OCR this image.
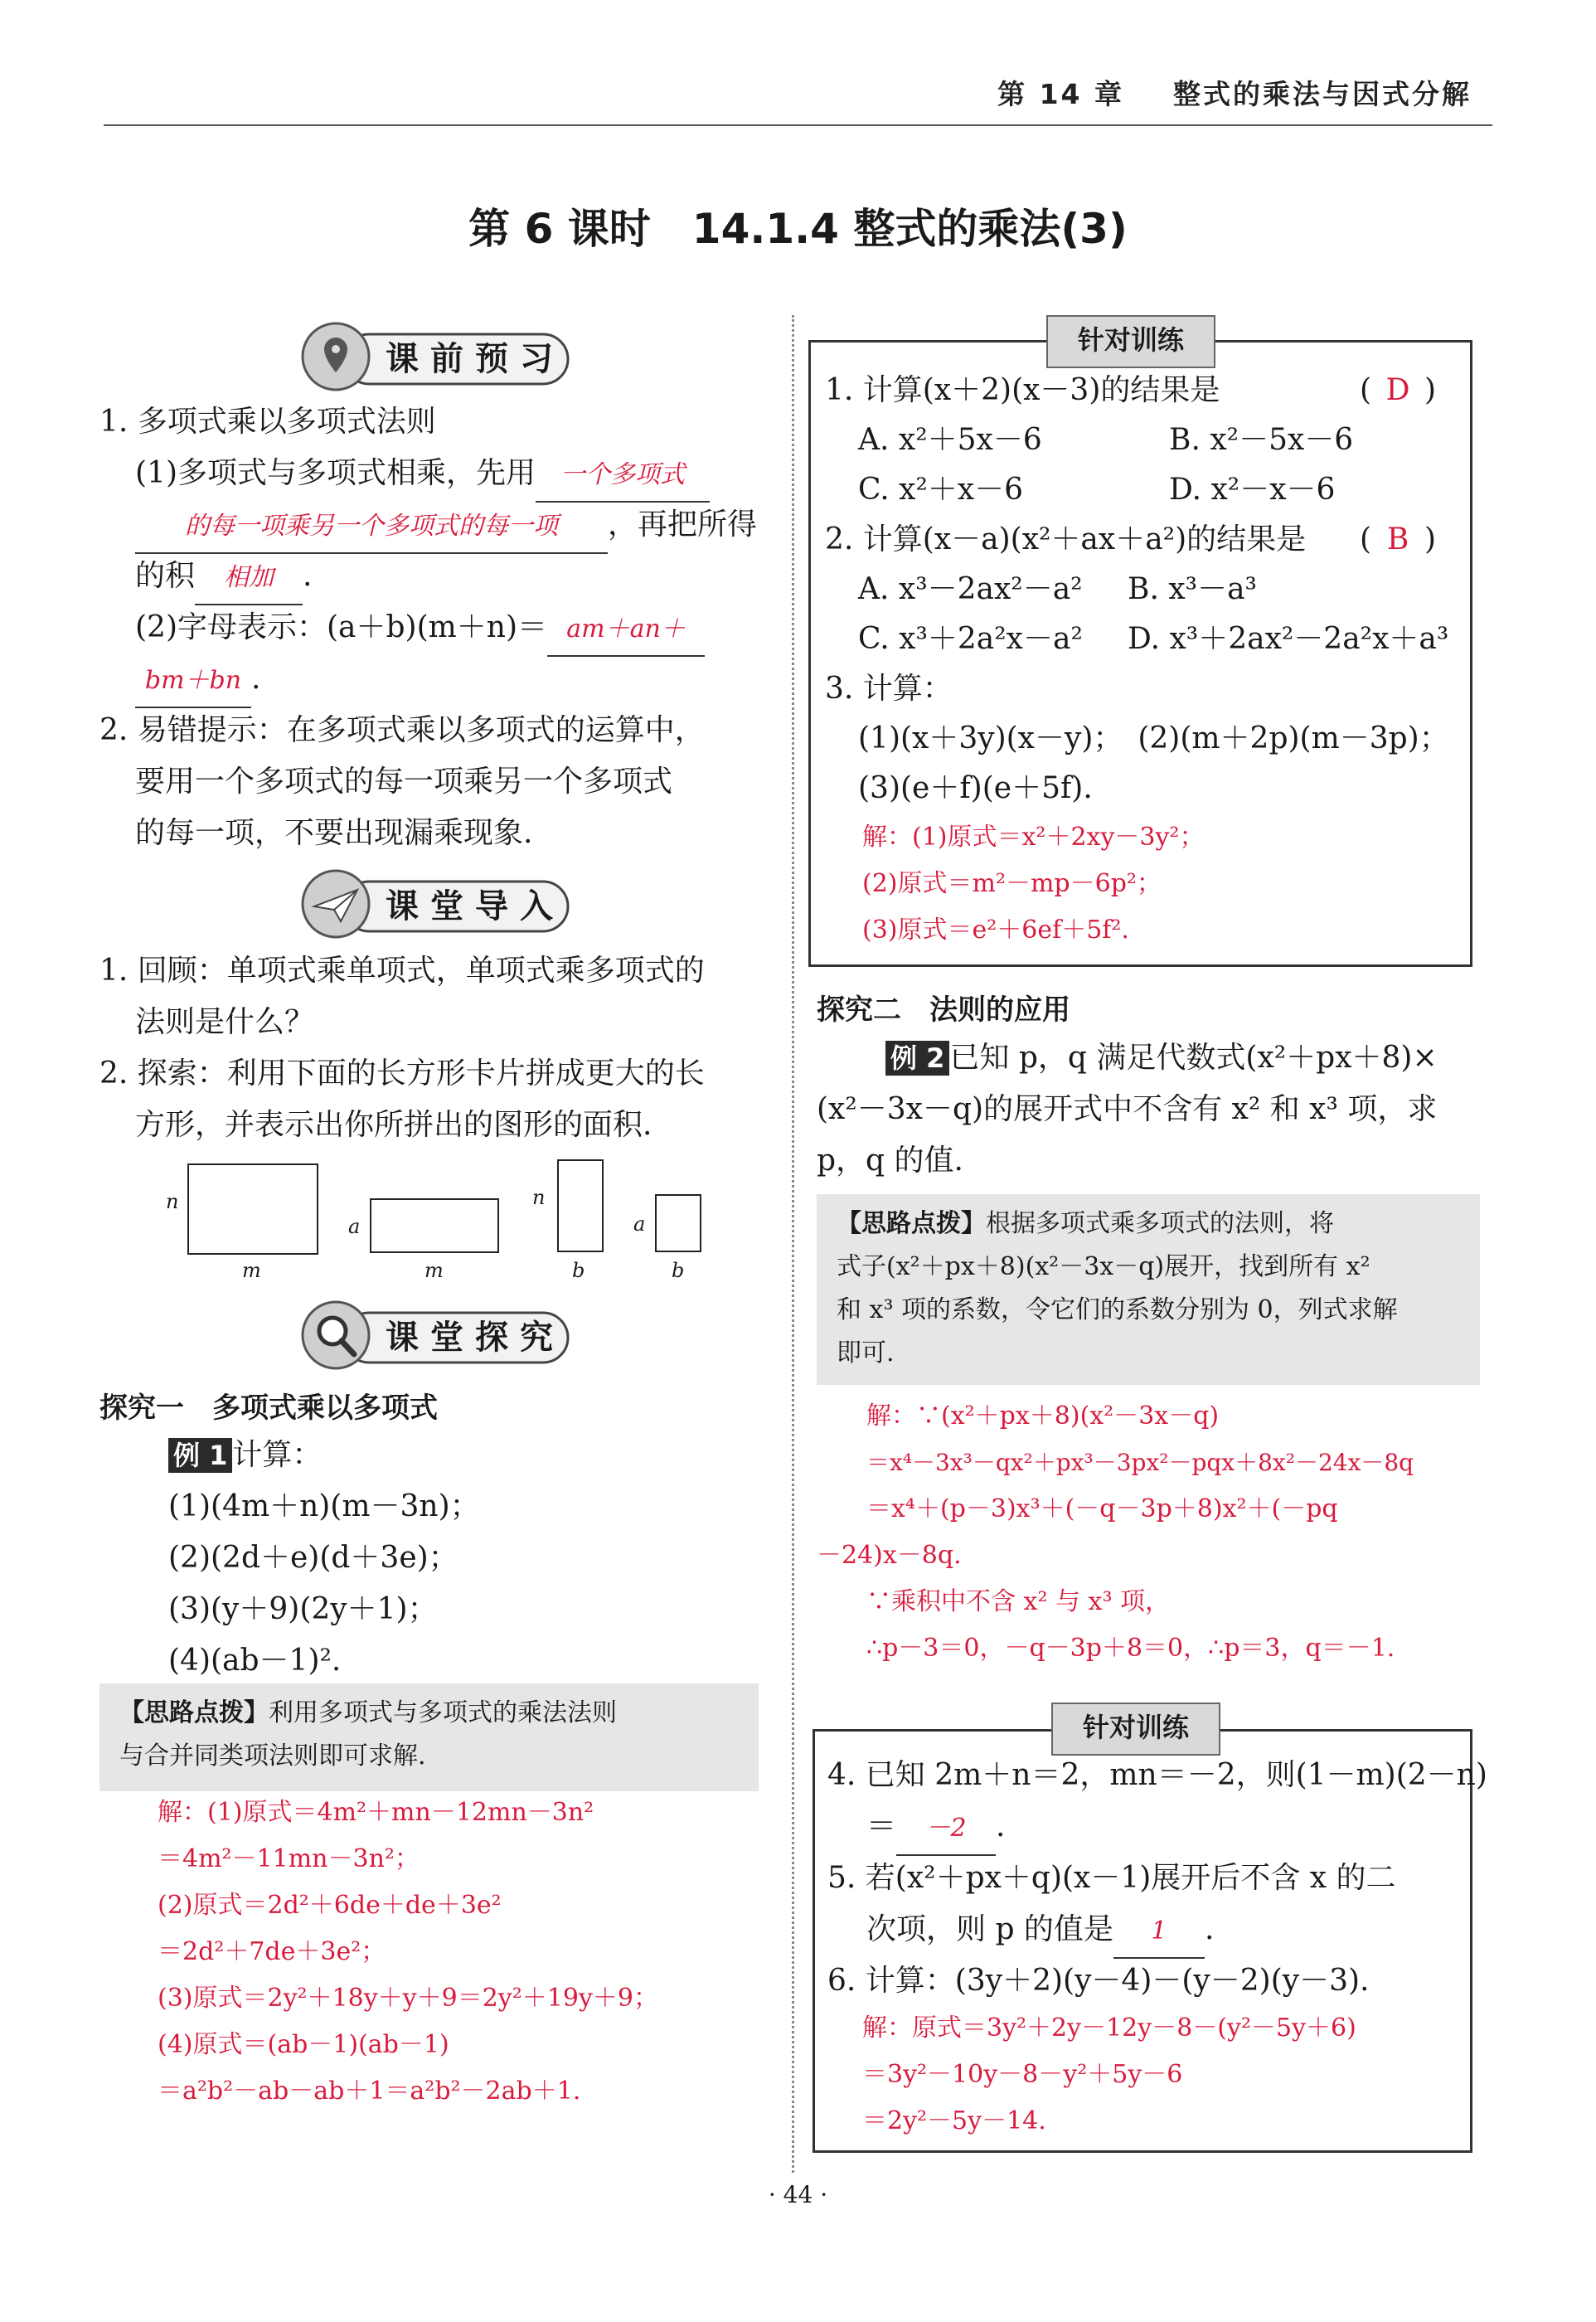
第 14 章 整式的乘法与因式分解
第 6 课时　14.1.4 整式的乘法(3)
课前预习
1. 多项式乘以多项式法则
(1)多项式与多项式相乘，先用 一个多项式
的每一项乘另一个多项式的每一项 ，再把所得
的积 相加 .
(2)字母表示：(a＋b)(m＋n)＝ am＋an＋
bm＋bn .
2. 易错提示：在多项式乘以多项式的运算中，
要用一个多项式的每一项乘另一个多项式
的每一项，不要出现漏乘现象.
课堂导入
1. 回顾：单项式乘单项式，单项式乘多项式的
法则是什么？
2. 探索：利用下面的长方形卡片拼成更大的长
方形，并表示出你所拼出的图形的面积.
n
m
a
m
n
b
a
b
课堂探究
探究一　多项式乘以多项式
例 1 计算：
(1)(4m＋n)(m－3n)；
(2)(2d＋e)(d＋3e)；
(3)(y＋9)(2y＋1)；
(4)(ab－1)².
【思路点拨】利用多项式与多项式的乘法法则
与合并同类项法则即可求解.
解：(1)原式＝4m²＋mn－12mn－3n²
＝4m²－11mn－3n²；
(2)原式＝2d²＋6de＋de＋3e²
＝2d²＋7de＋3e²；
(3)原式＝2y²＋18y＋y＋9＝2y²＋19y＋9；
(4)原式＝(ab－1)(ab－1)
＝a²b²－ab－ab＋1＝a²b²－2ab＋1.
针对训练
1. 计算(x＋2)(x－3)的结果是	( D )
A. x²＋5x－6	B. x²－5x－6
C. x²＋x－6	D. x²－x－6
2. 计算(x－a)(x²＋ax＋a²)的结果是 ( B )
A. x³－2ax²－a² B. x³－a³
C. x³＋2a²x－a² D. x³＋2ax²－2a²x＋a³
3. 计算：
(1)(x＋3y)(x－y)；　(2)(m＋2p)(m－3p)；
(3)(e＋f)(e＋5f).
解：(1)原式＝x²＋2xy－3y²；
(2)原式＝m²－mp－6p²；
(3)原式＝e²＋6ef＋5f².
探究二　法则的应用
例 2 已知 p，q 满足代数式(x²＋px＋8)×
(x²－3x－q)的展开式中不含有 x² 和 x³ 项，求
p，q 的值.
【思路点拨】根据多项式乘多项式的法则，将
式子(x²＋px＋8)(x²－3x－q)展开，找到所有 x²
和 x³ 项的系数，令它们的系数分别为 0，列式求解
即可.
解：∵(x²＋px＋8)(x²－3x－q)
＝x⁴－3x³－qx²＋px³－3px²－pqx＋8x²－24x－8q
＝x⁴＋(p－3)x³＋(－q－3p＋8)x²＋(－pq
－24)x－8q.
∵乘积中不含 x² 与 x³ 项，
∴p－3＝0，－q－3p＋8＝0，∴p＝3，q＝－1.
针对训练
4. 已知 2m＋n＝2，mn＝－2，则(1－m)(2－n)
＝ －2 .
5. 若(x²＋px＋q)(x－1)展开后不含 x 的二
次项，则 p 的值是 1 .
6. 计算：(3y＋2)(y－4)－(y－2)(y－3).
解：原式＝3y²＋2y－12y－8－(y²－5y＋6)
＝3y²－10y－8－y²＋5y－6
＝2y²－5y－14.
· 44 ·
